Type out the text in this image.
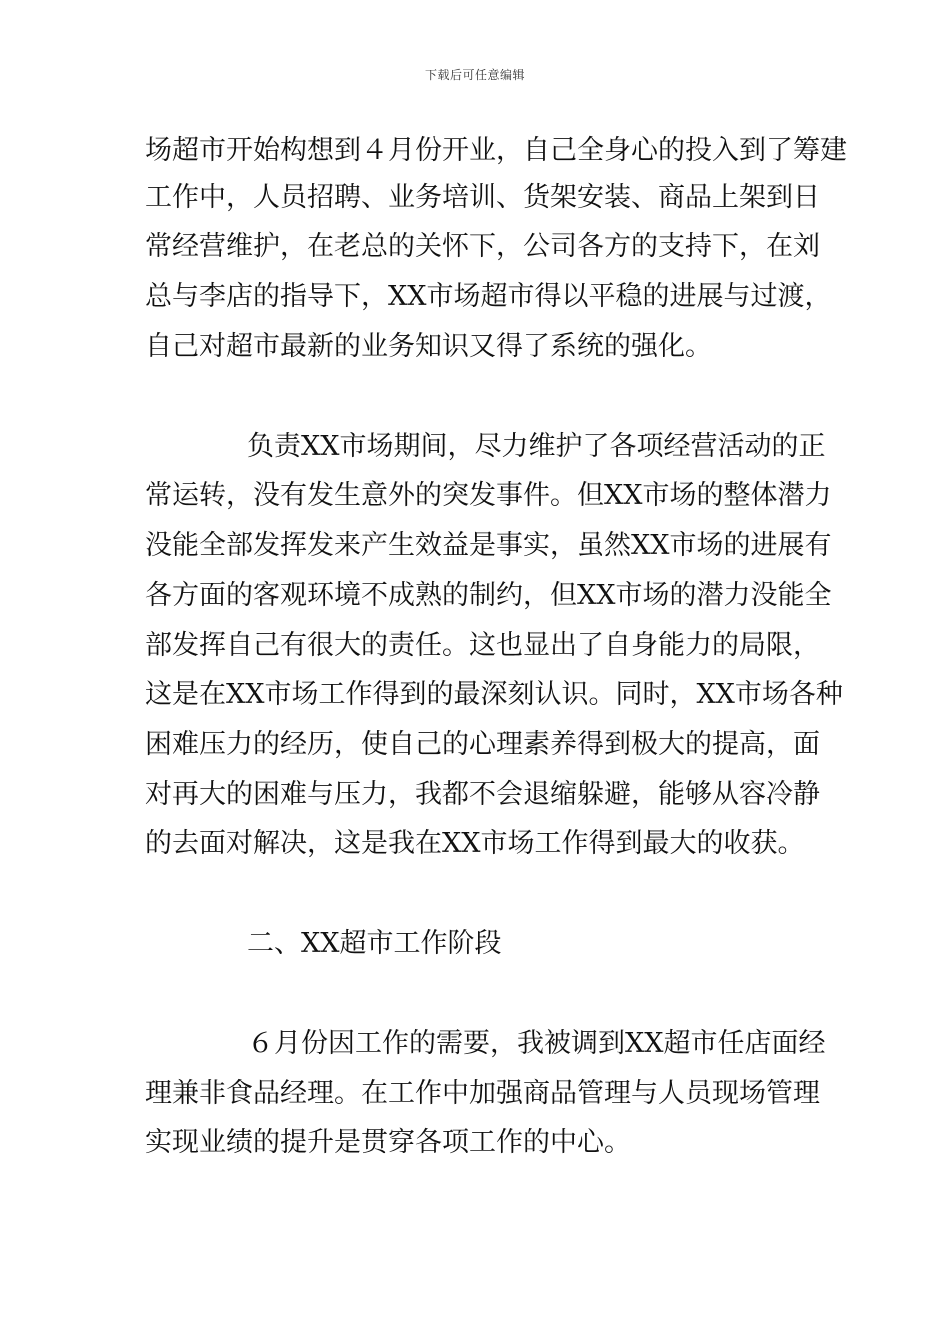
下载后可任意编辑
场超市开始构想到４月份开业，自己全身心的投入到了筹建
工作中，人员招聘、业务培训、货架安装、商品上架到日
常经营维护，在老总的关怀下，公司各方的支持下，在刘
总与李店的指导下，XX市场超市得以平稳的进展与过渡，
自己对超市最新的业务知识又得了系统的强化。
负责XX市场期间，尽力维护了各项经营活动的正
常运转，没有发生意外的突发事件。但XX市场的整体潜力
没能全部发挥发来产生效益是事实，虽然XX市场的进展有
各方面的客观环境不成熟的制约，但XX市场的潜力没能全
部发挥自己有很大的责任。这也显出了自身能力的局限，
这是在XX市场工作得到的最深刻认识。同时，XX市场各种
困难压力的经历，使自己的心理素养得到极大的提高，面
对再大的困难与压力，我都不会退缩躲避，能够从容冷静
的去面对解决，这是我在XX市场工作得到最大的收获。
二、XX超市工作阶段
６月份因工作的需要，我被调到XX超市任店面经
理兼非食品经理。在工作中加强商品管理与人员现场管理
实现业绩的提升是贯穿各项工作的中心。
